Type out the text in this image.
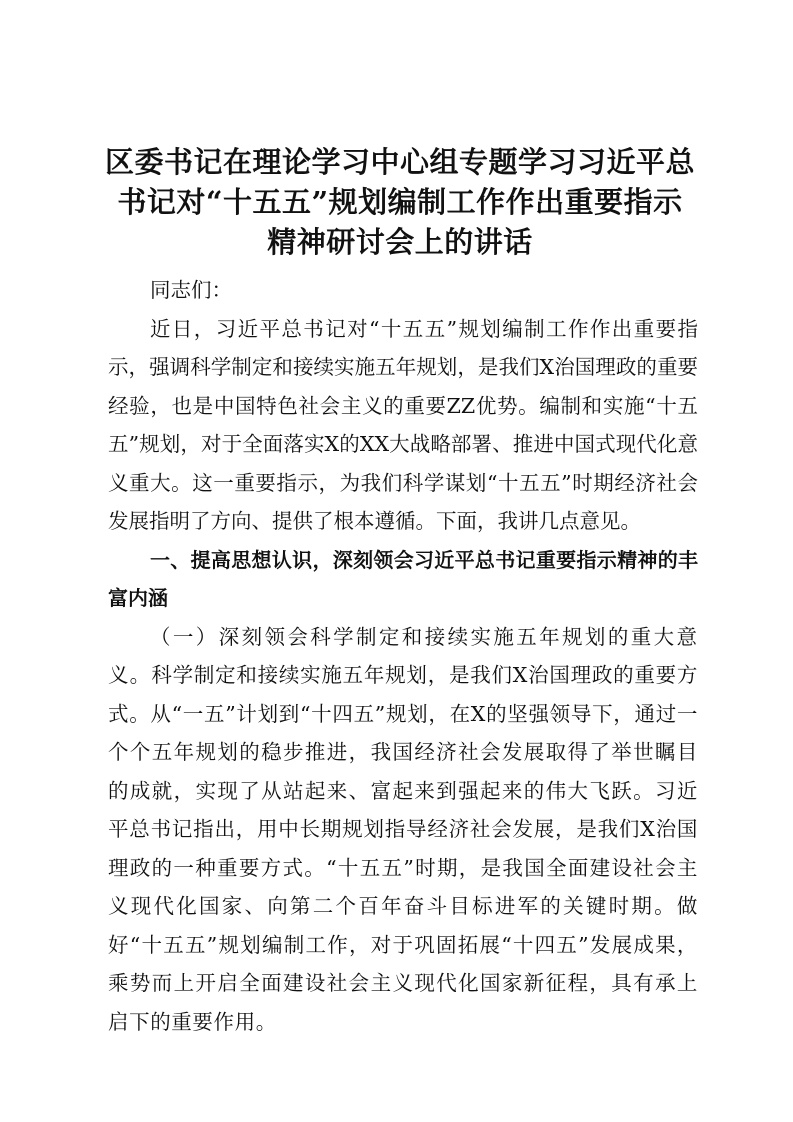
区委书记在理论学习中心组专题学习习近平总
书记对“十五五”规划编制工作作出重要指示
精神研讨会上的讲话

同志们：

近日，习近平总书记对“十五五”规划编制工作作出重要指示，强调科学制定和接续实施五年规划，是我们X治国理政的重要经验，也是中国特色社会主义的重要ZZ优势。编制和实施“十五五”规划，对于全面落实X的XX大战略部署、推进中国式现代化意义重大。这一重要指示，为我们科学谋划“十五五”时期经济社会发展指明了方向、提供了根本遵循。下面，我讲几点意见。

一、提高思想认识，深刻领会习近平总书记重要指示精神的丰富内涵

（一）深刻领会科学制定和接续实施五年规划的重大意义。科学制定和接续实施五年规划，是我们X治国理政的重要方式。从“一五”计划到“十四五”规划，在X的坚强领导下，通过一个个五年规划的稳步推进，我国经济社会发展取得了举世瞩目的成就，实现了从站起来、富起来到强起来的伟大飞跃。习近平总书记指出，用中长期规划指导经济社会发展，是我们X治国理政的一种重要方式。“十五五”时期，是我国全面建设社会主义现代化国家、向第二个百年奋斗目标进军的关键时期。做好“十五五”规划编制工作，对于巩固拓展“十四五”发展成果，乘势而上开启全面建设社会主义现代化国家新征程，具有承上启下的重要作用。
